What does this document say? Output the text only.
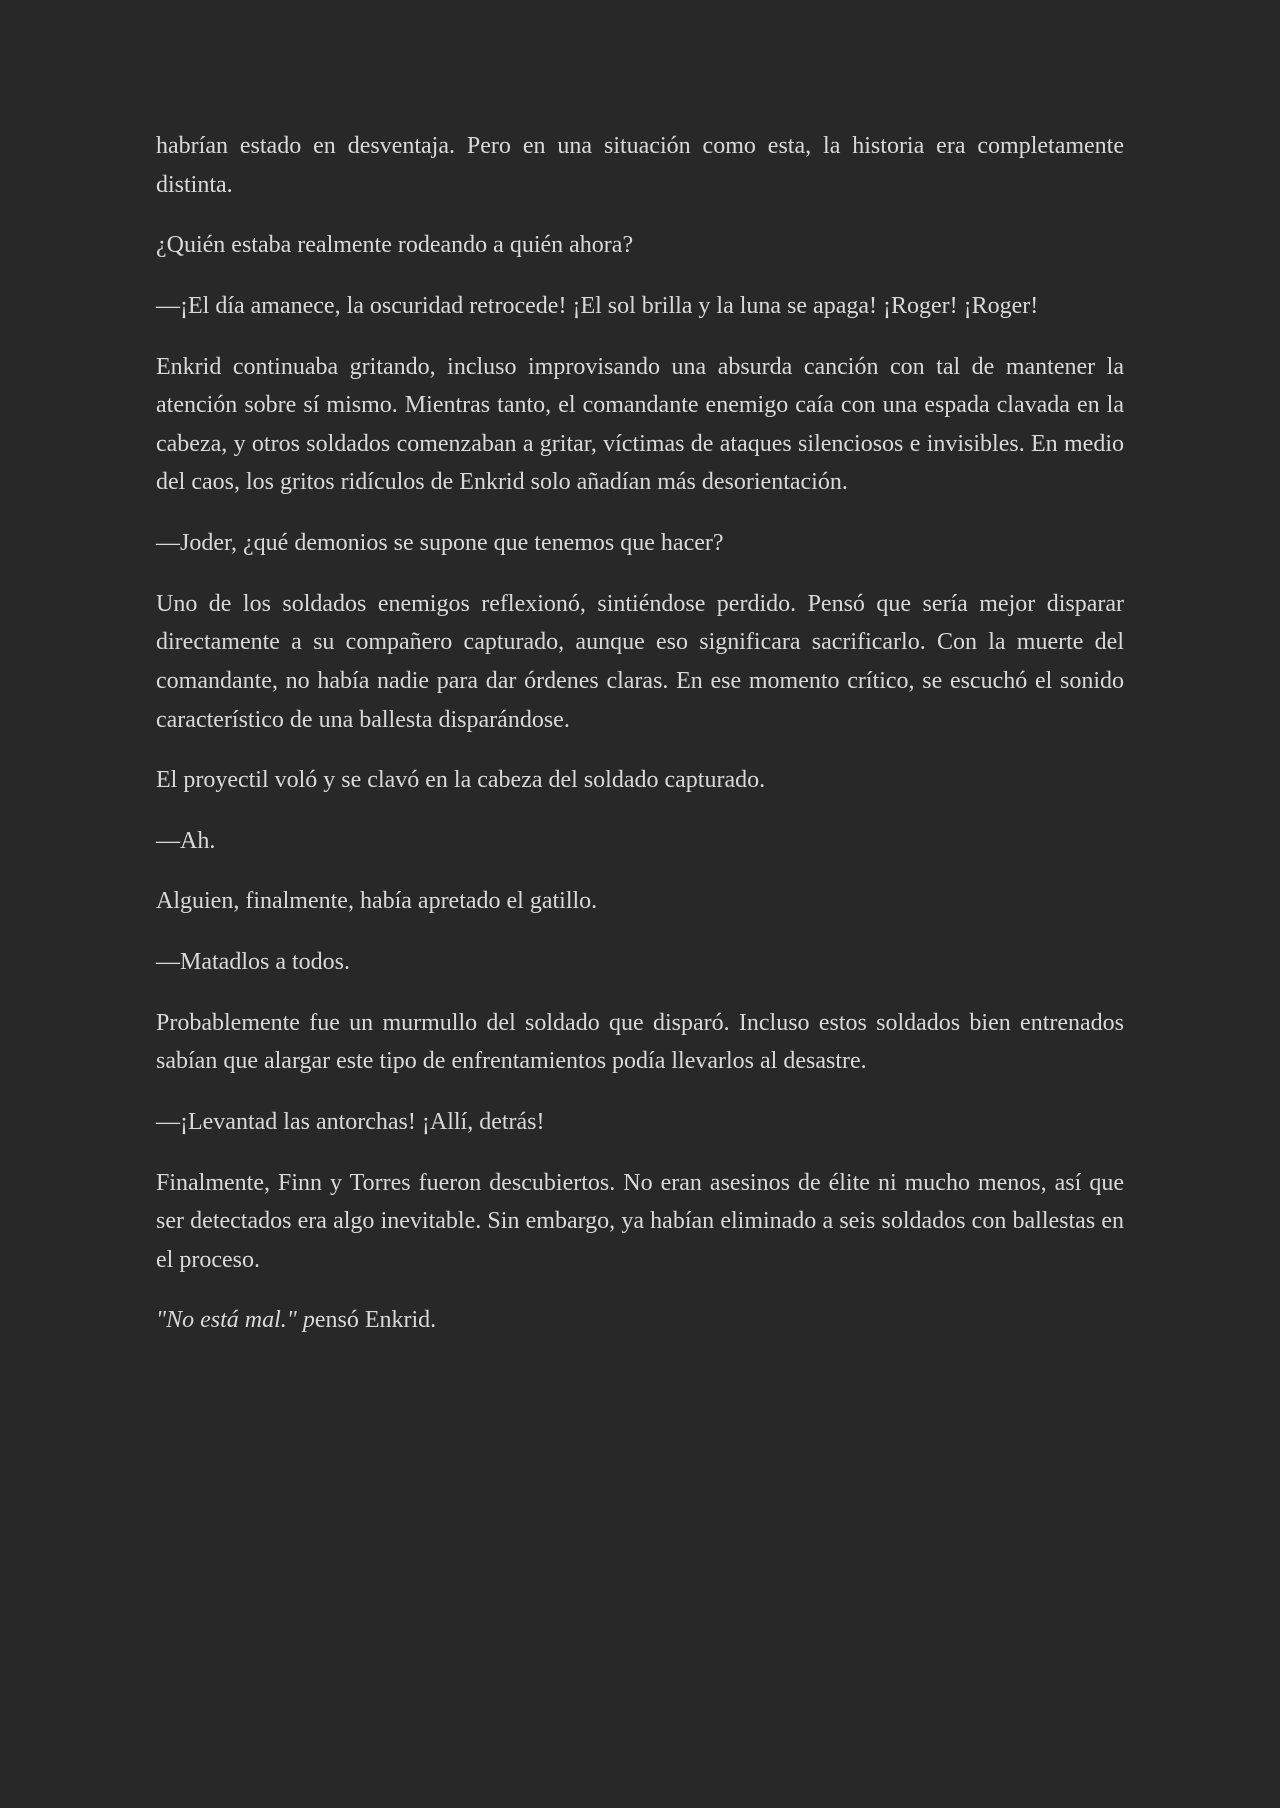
habrían estado en desventaja. Pero en una situación como esta, la historia era completamente distinta.

¿Quién estaba realmente rodeando a quién ahora?

—¡El día amanece, la oscuridad retrocede! ¡El sol brilla y la luna se apaga! ¡Roger! ¡Roger!

Enkrid continuaba gritando, incluso improvisando una absurda canción con tal de mantener la atención sobre sí mismo. Mientras tanto, el comandante enemigo caía con una espada clavada en la cabeza, y otros soldados comenzaban a gritar, víctimas de ataques silenciosos e invisibles. En medio del caos, los gritos ridículos de Enkrid solo añadían más desorientación.

—Joder, ¿qué demonios se supone que tenemos que hacer?

Uno de los soldados enemigos reflexionó, sintiéndose perdido. Pensó que sería mejor disparar directamente a su compañero capturado, aunque eso significara sacrificarlo. Con la muerte del comandante, no había nadie para dar órdenes claras. En ese momento crítico, se escuchó el sonido característico de una ballesta disparándose.

El proyectil voló y se clavó en la cabeza del soldado capturado.

—Ah.

Alguien, finalmente, había apretado el gatillo.

—Matadlos a todos.

Probablemente fue un murmullo del soldado que disparó. Incluso estos soldados bien entrenados sabían que alargar este tipo de enfrentamientos podía llevarlos al desastre.

—¡Levantad las antorchas! ¡Allí, detrás!

Finalmente, Finn y Torres fueron descubiertos. No eran asesinos de élite ni mucho menos, así que ser detectados era algo inevitable. Sin embargo, ya habían eliminado a seis soldados con ballestas en el proceso.

"No está mal." pensó Enkrid.
